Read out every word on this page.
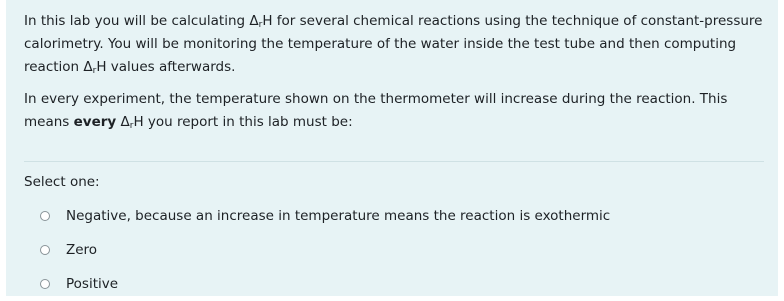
In this lab you will be calculating $\Delta_rH$ for several chemical reactions using the technique of constant-pressure calorimetry. You will be monitoring the temperature of the water inside the test tube and then computing reaction $\Delta_rH$ values afterwards.

In every experiment, the temperature shown on the thermometer will increase during the reaction. This means every $\Delta_rH$ you report in this lab must be:

Select one:
Negative, because an increase in temperature means the reaction is exothermic
Zero
Positive
